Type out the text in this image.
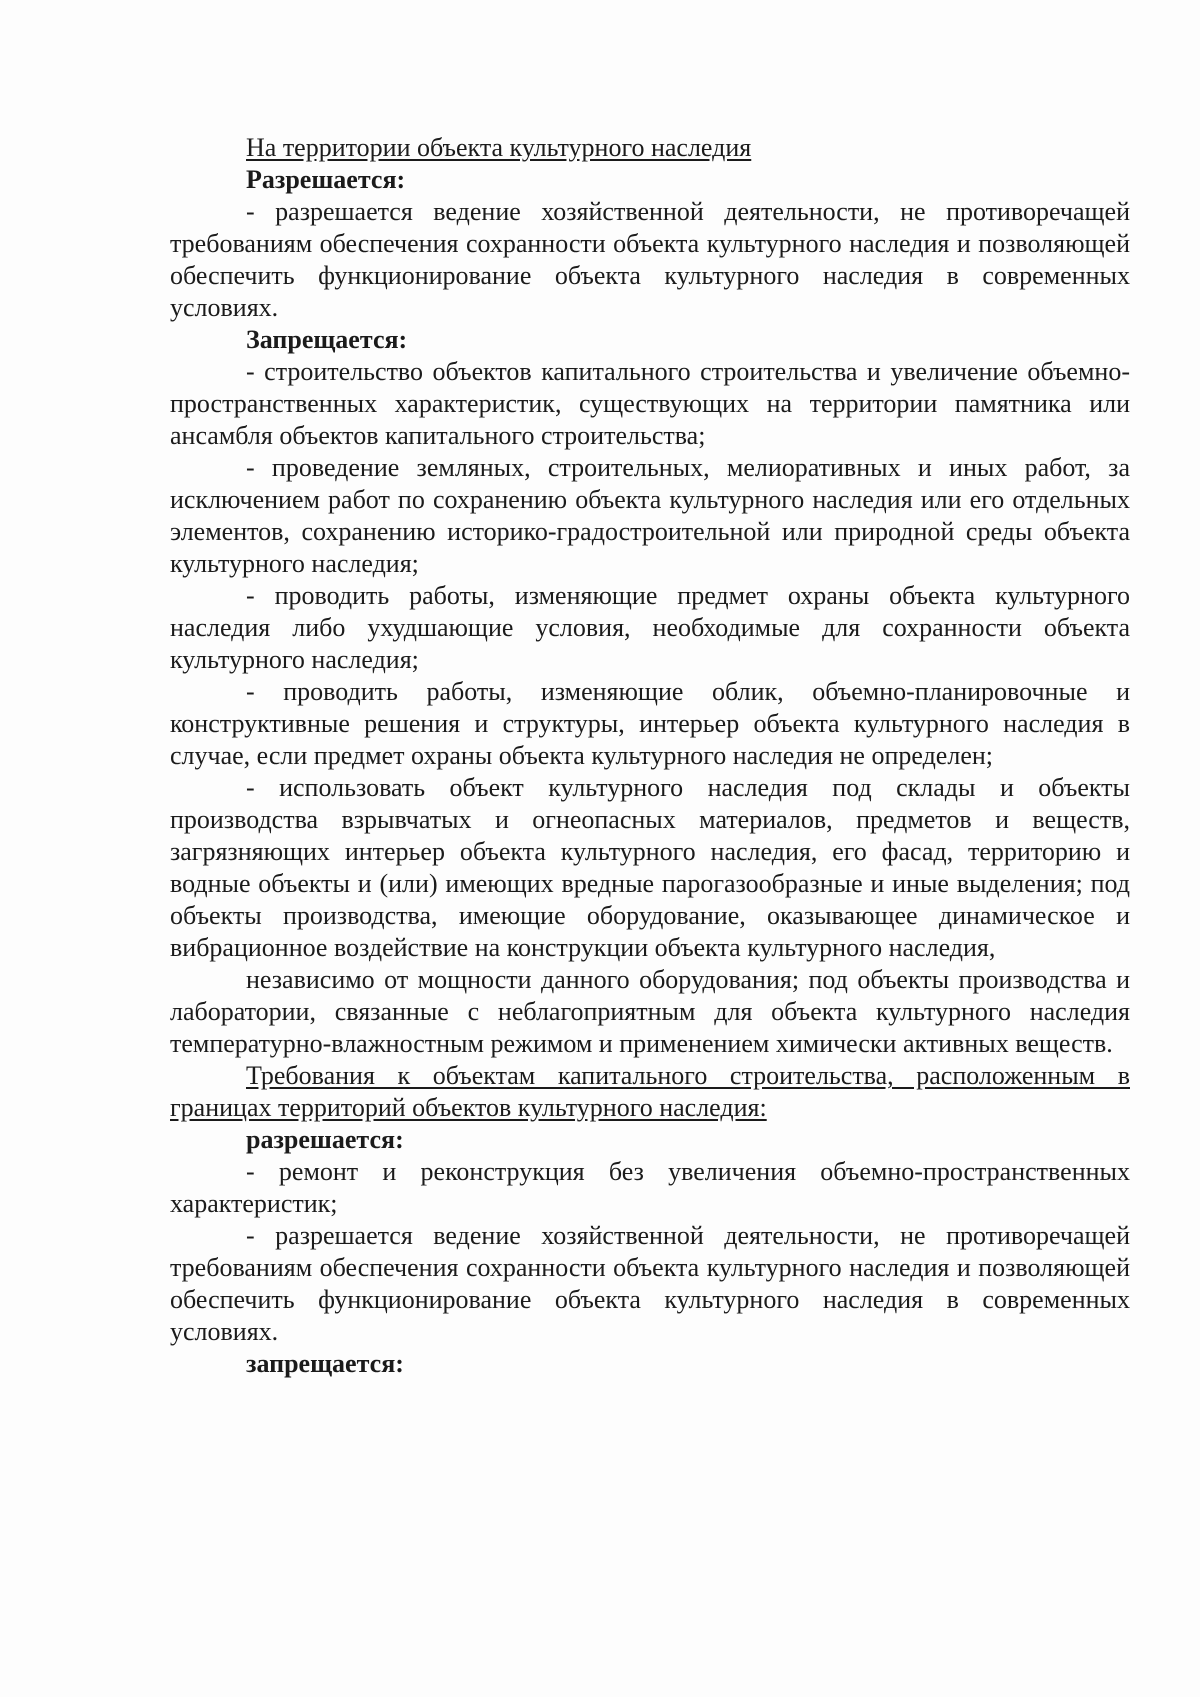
На территории объекта культурного наследия

Разрешается:

- разрешается ведение хозяйственной деятельности, не противоречащей требованиям обеспечения сохранности объекта культурного наследия и позволяющей обеспечить функционирование объекта культурного наследия в современных условиях.

Запрещается:

- строительство объектов капитального строительства и увеличение объемно-пространственных характеристик, существующих на территории памятника или ансамбля объектов капитального строительства;

- проведение земляных, строительных, мелиоративных и иных работ, за исключением работ по сохранению объекта культурного наследия или его отдельных элементов, сохранению историко-градостроительной или природной среды объекта культурного наследия;

- проводить работы, изменяющие предмет охраны объекта культурного наследия либо ухудшающие условия, необходимые для сохранности объекта культурного наследия;

- проводить работы, изменяющие облик, объемно-планировочные и конструктивные решения и структуры, интерьер объекта культурного наследия в случае, если предмет охраны объекта культурного наследия не определен;

- использовать объект культурного наследия под склады и объекты производства взрывчатых и огнеопасных материалов, предметов и веществ, загрязняющих интерьер объекта культурного наследия, его фасад, территорию и водные объекты и (или) имеющих вредные парогазообразные и иные выделения; под объекты производства, имеющие оборудование, оказывающее динамическое и вибрационное воздействие на конструкции объекта культурного наследия,

независимо от мощности данного оборудования; под объекты производства и лаборатории, связанные с неблагоприятным для объекта культурного наследия температурно-влажностным режимом и применением химически активных веществ.

Требования к объектам капитального строительства, расположенным в границах территорий объектов культурного наследия:

разрешается:

- ремонт и реконструкция без увеличения объемно-пространственных характеристик;

- разрешается ведение хозяйственной деятельности, не противоречащей требованиям обеспечения сохранности объекта культурного наследия и позволяющей обеспечить функционирование объекта культурного наследия в современных условиях.

запрещается:
